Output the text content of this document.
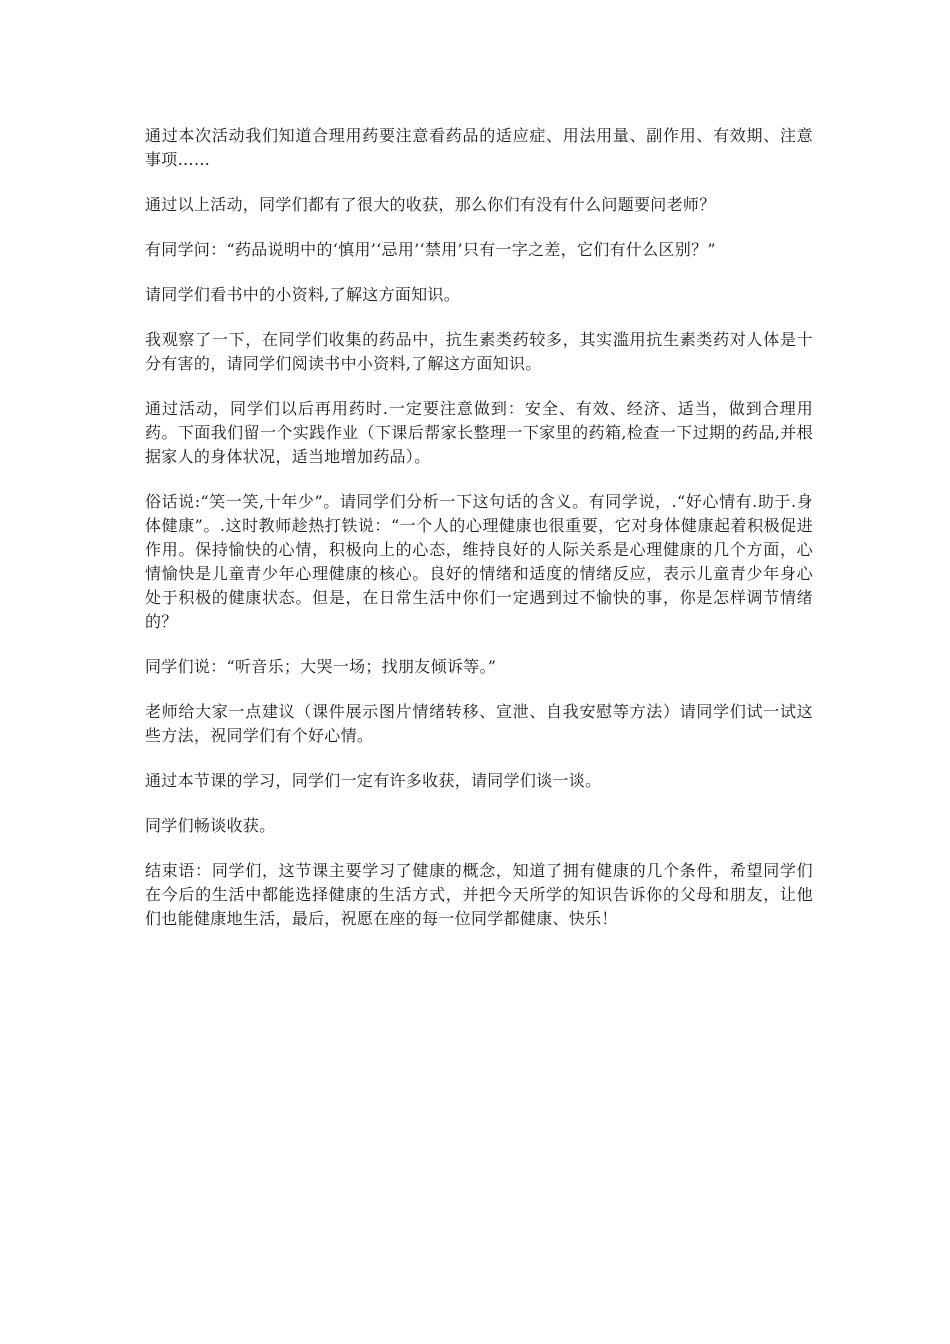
通过本次活动我们知道合理用药要注意看药品的适应症、用法用量、副作用、有效期、注意事项……

通过以上活动，同学们都有了很大的收获，那么你们有没有什么问题要问老师？

有同学问：“药品说明中的‘慎用’‘忌用’‘禁用’只有一字之差，它们有什么区别？”

请同学们看书中的小资料,了解这方面知识。

我观察了一下，在同学们收集的药品中，抗生素类药较多，其实滥用抗生素类药对人体是十分有害的，请同学们阅读书中小资料,了解这方面知识。

通过活动，同学们以后再用药时.一定要注意做到：安全、有效、经济、适当，做到合理用药。下面我们留一个实践作业（下课后帮家长整理一下家里的药箱,检查一下过期的药品,并根据家人的身体状况，适当地增加药品）。

俗话说:“笑一笑,十年少”。请同学们分析一下这句话的含义。有同学说，.“好心情有.助于.身体健康”。.这时教师趁热打铁说：“一个人的心理健康也很重要，它对身体健康起着积极促进作用。保持愉快的心情，积极向上的心态，维持良好的人际关系是心理健康的几个方面，心情愉快是儿童青少年心理健康的核心。良好的情绪和适度的情绪反应，表示儿童青少年身心处于积极的健康状态。但是，在日常生活中你们一定遇到过不愉快的事，你是怎样调节情绪的？

同学们说：“听音乐；大哭一场；找朋友倾诉等。”

老师给大家一点建议（课件展示图片情绪转移、宣泄、自我安慰等方法）请同学们试一试这些方法，祝同学们有个好心情。

通过本节课的学习，同学们一定有许多收获，请同学们谈一谈。

同学们畅谈收获。

结束语：同学们，这节课主要学习了健康的概念，知道了拥有健康的几个条件，希望同学们在今后的生活中都能选择健康的生活方式，并把今天所学的知识告诉你的父母和朋友，让他们也能健康地生活，最后，祝愿在座的每一位同学都健康、快乐！
